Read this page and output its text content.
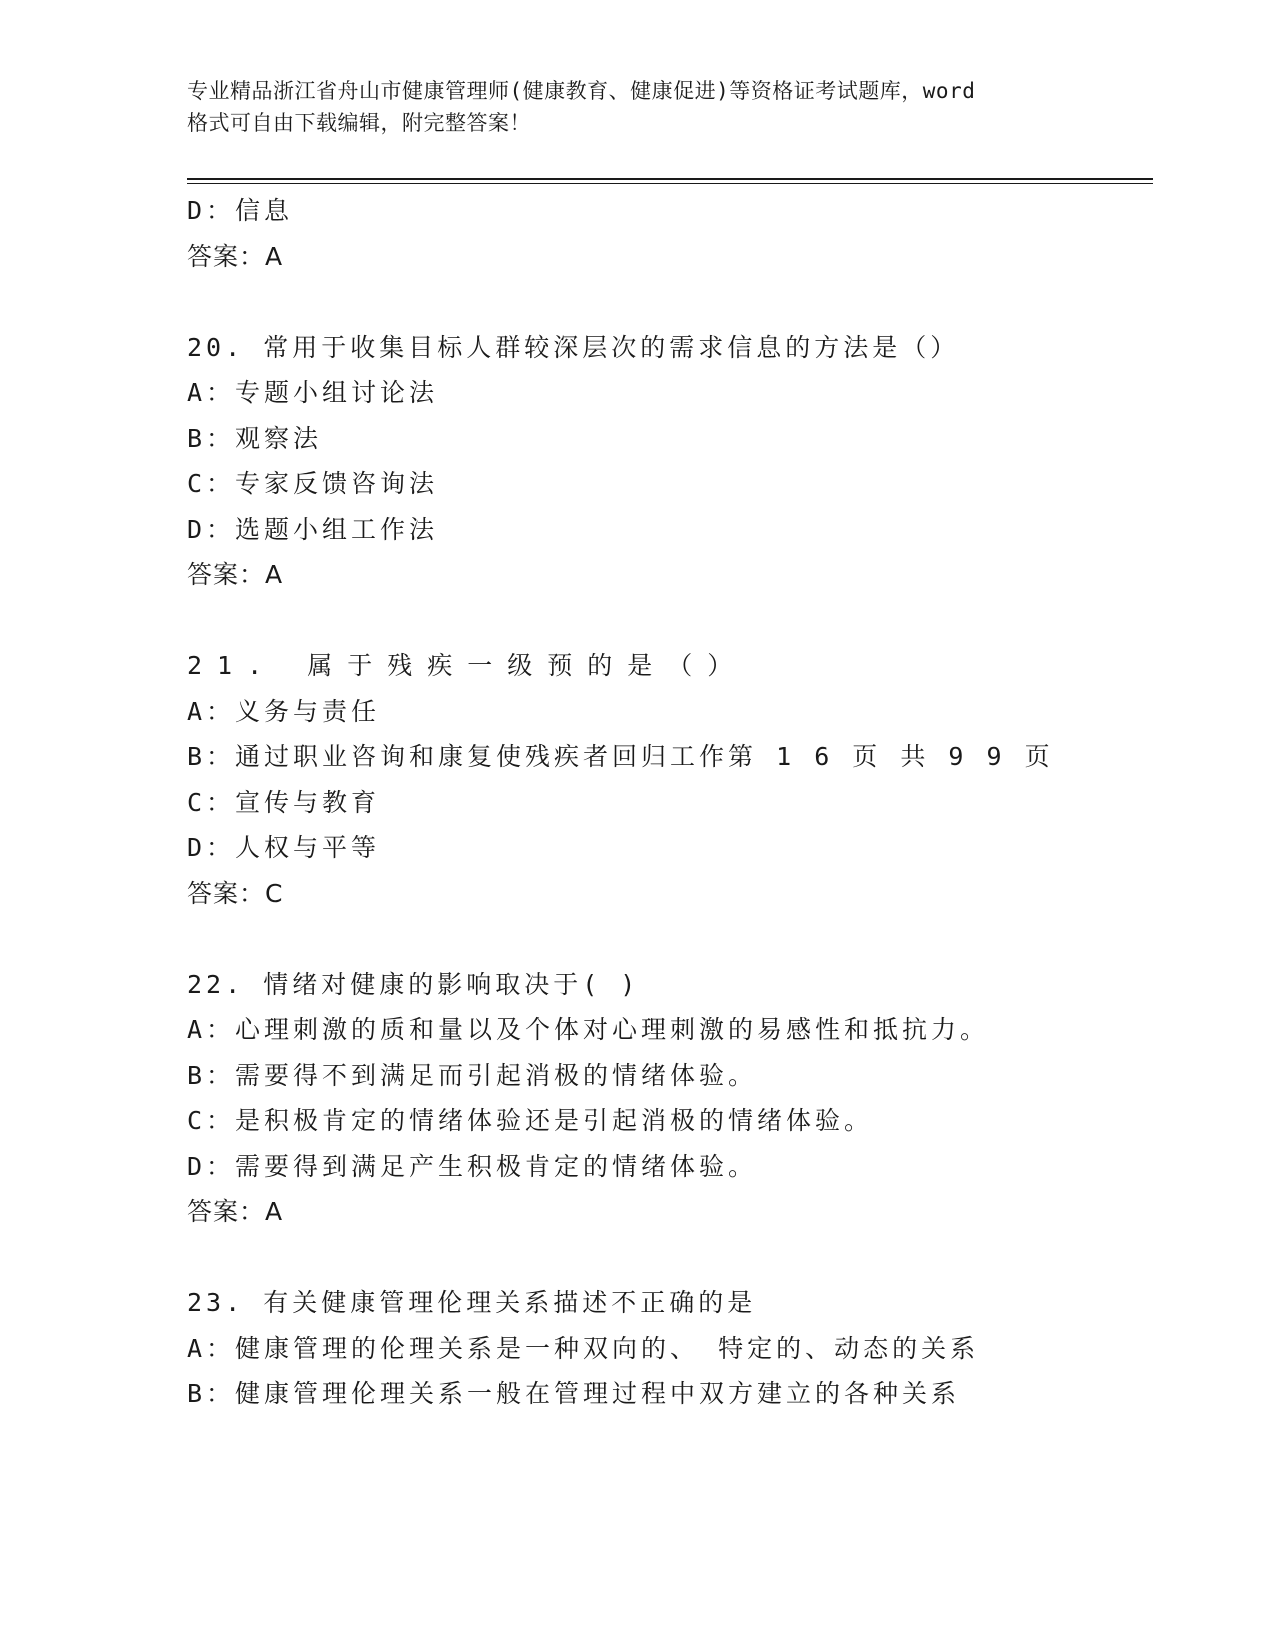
专业精品浙江省舟山市健康管理师(健康教育、健康促进)等资格证考试题库，word
格式可自由下载编辑，附完整答案！
D：信息
答案：A
20. 常用于收集目标人群较深层次的需求信息的方法是（）
A：专题小组讨论法
B：观察法
C：专家反馈咨询法
D：选题小组工作法
答案：A
21. 属于残疾一级预的是（）
A：义务与责任
B：通过职业咨询和康复使残疾者回归工作第 1 6 页 共 9 9 页
C：宣传与教育
D：人权与平等
答案：C
22. 情绪对健康的影响取决于( )
A：心理刺激的质和量以及个体对心理刺激的易感性和抵抗力。
B：需要得不到满足而引起消极的情绪体验。
C：是积极肯定的情绪体验还是引起消极的情绪体验。
D：需要得到满足产生积极肯定的情绪体验。
答案：A
23. 有关健康管理伦理关系描述不正确的是
A：健康管理的伦理关系是一种双向的、 特定的、动态的关系
B：健康管理伦理关系一般在管理过程中双方建立的各种关系
